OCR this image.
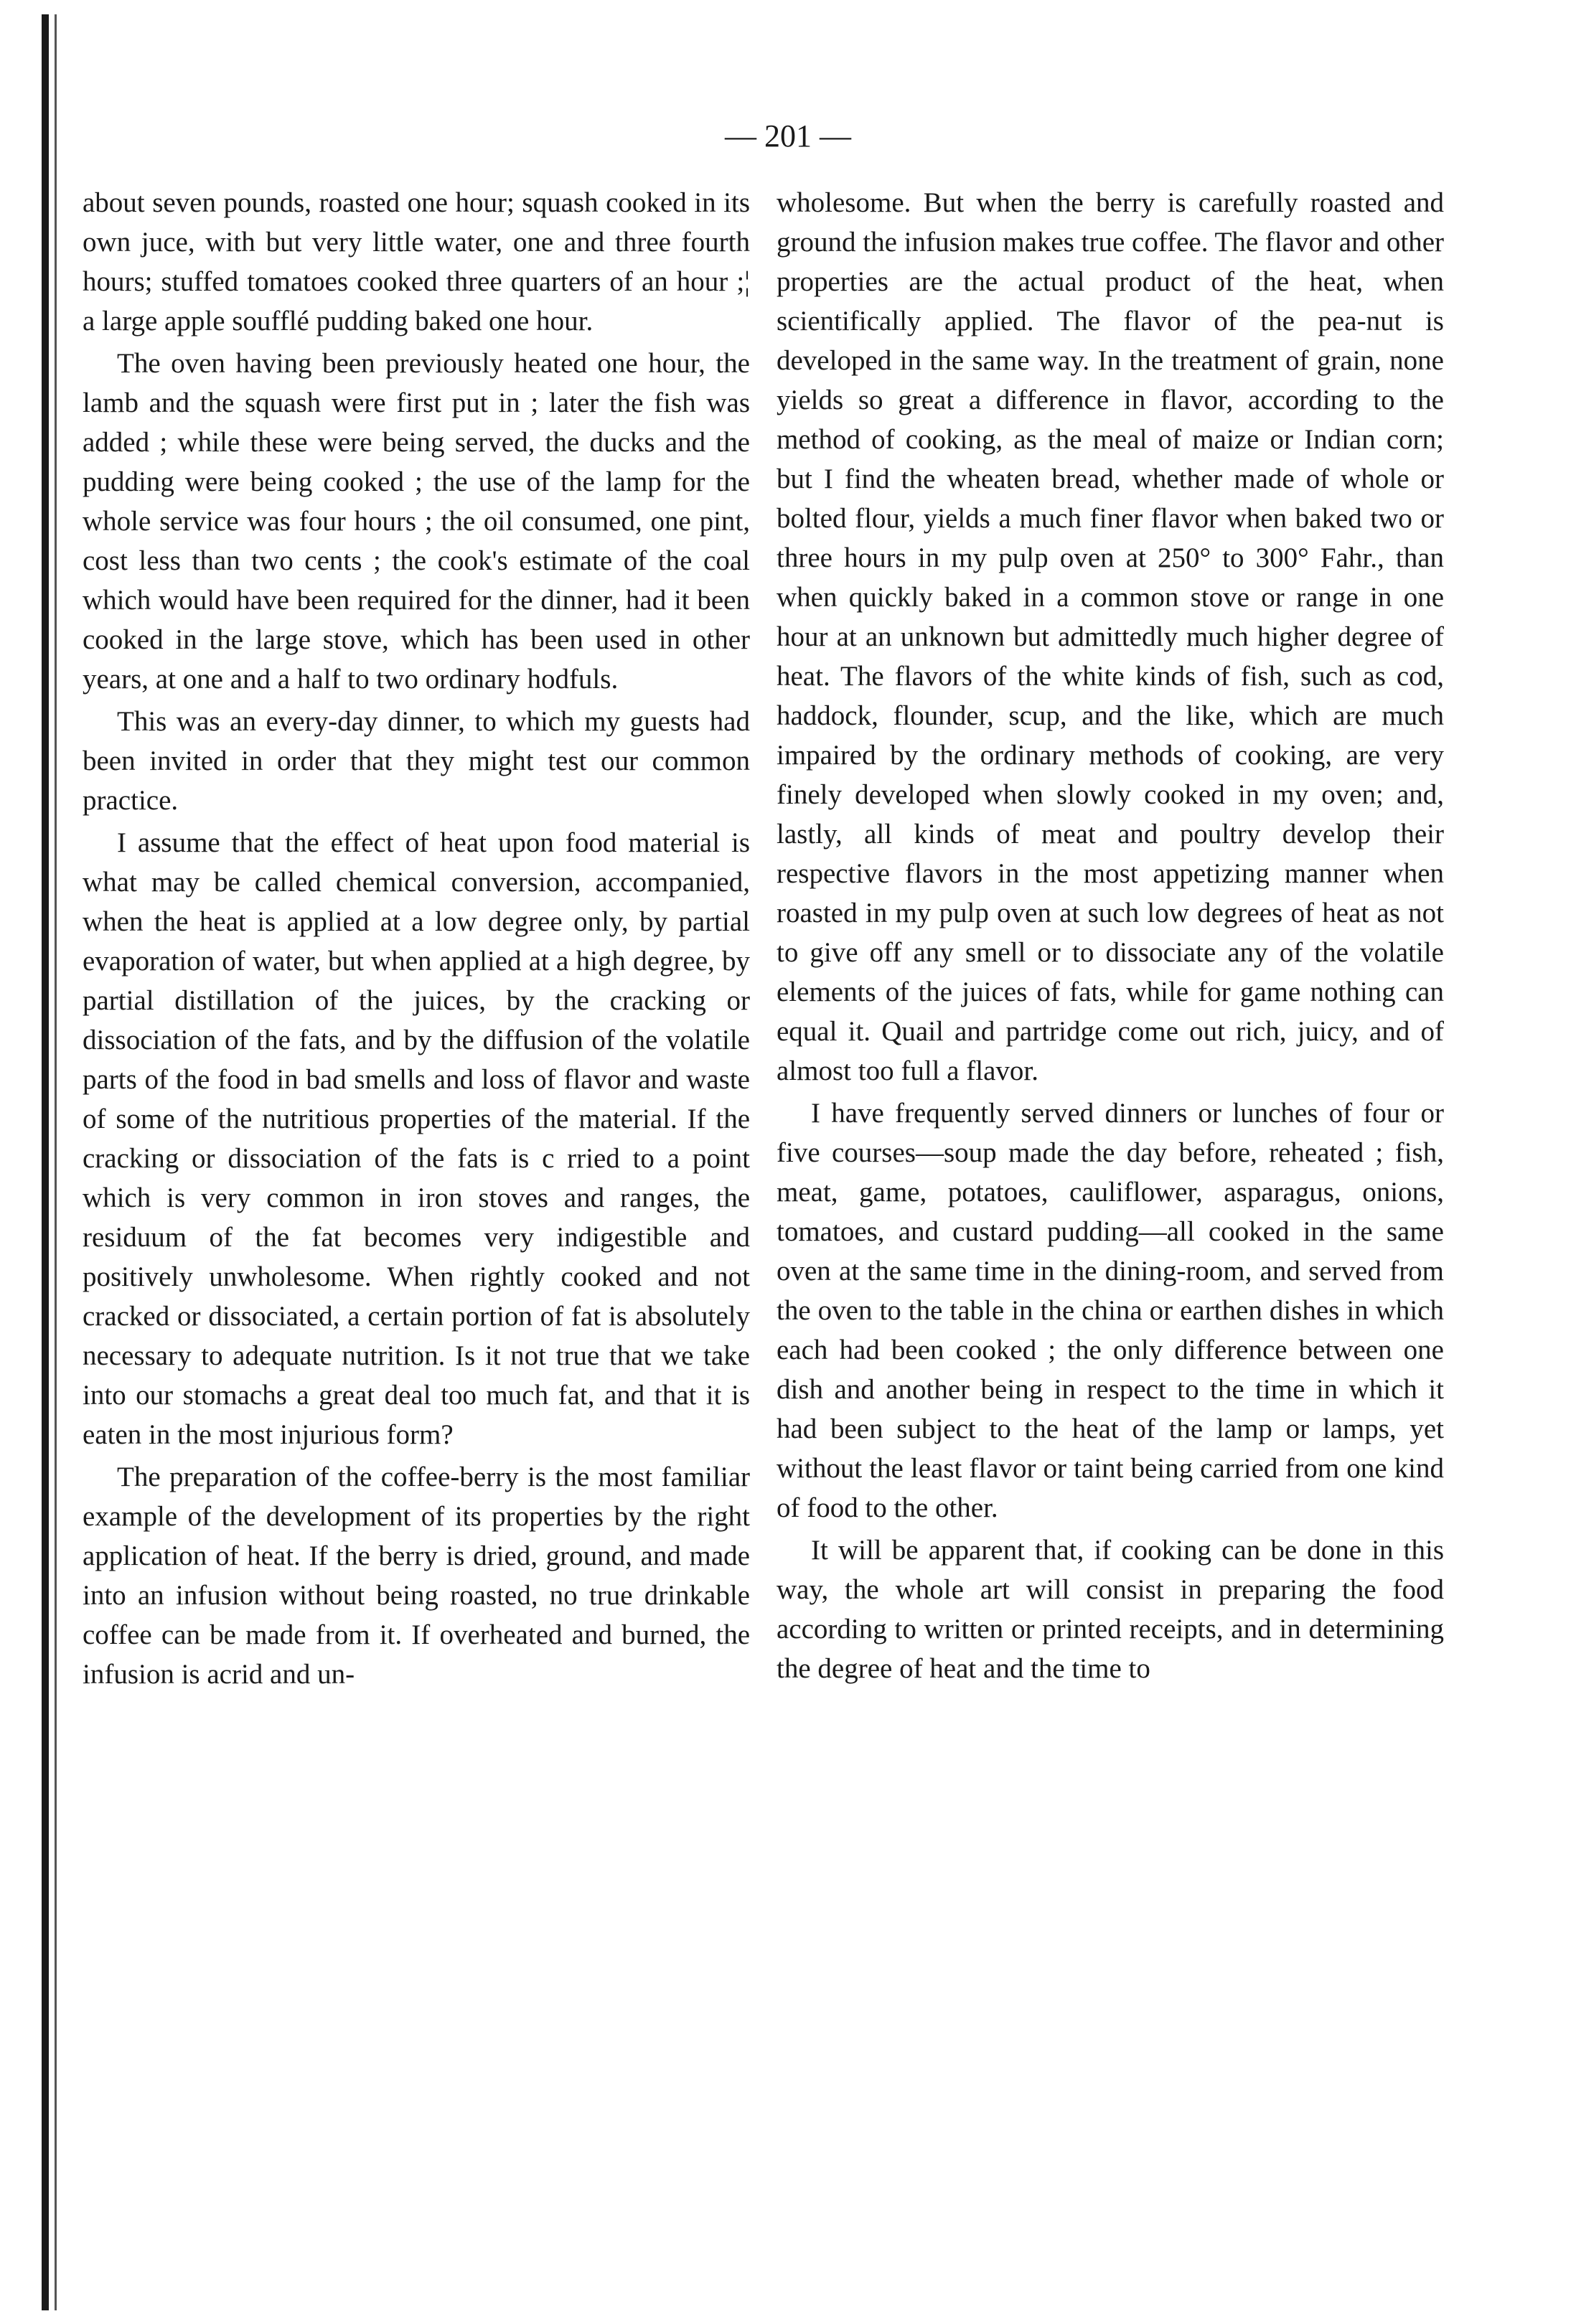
— 201 —

about seven pounds, roasted one hour; squash cooked in its own juce, with but very little water, one and three fourth hours; stuffed tomatoes cooked three quarters of an hour ;¦ a large apple soufflé pudding baked one hour.

The oven having been previously heated one hour, the lamb and the squash were first put in ; later the fish was added ; while these were being served, the ducks and the pudding were being cooked ; the use of the lamp for the whole service was four hours ; the oil consumed, one pint, cost less than two cents ; the cook's estimate of the coal which would have been required for the dinner, had it been cooked in the large stove, which has been used in other years, at one and a half to two ordinary hodfuls.

This was an every-day dinner, to which my guests had been invited in order that they might test our common practice.

I assume that the effect of heat upon food material is what may be called chemical conversion, accompanied, when the heat is applied at a low degree only, by partial evaporation of water, but when applied at a high degree, by partial distillation of the juices, by the cracking or dissociation of the fats, and by the diffusion of the volatile parts of the food in bad smells and loss of flavor and waste of some of the nutritious properties of the material. If the cracking or dissociation of the fats is c rried to a point which is very common in iron stoves and ranges, the residuum of the fat becomes very indigestible and positively unwholesome. When rightly cooked and not cracked or dissociated, a certain portion of fat is absolutely necessary to adequate nutrition. Is it not true that we take into our stomachs a great deal too much fat, and that it is eaten in the most injurious form?

The preparation of the coffee-berry is the most familiar example of the development of its properties by the right application of heat. If the berry is dried, ground, and made into an infusion without being roasted, no true drinkable coffee can be made from it. If overheated and burned, the infusion is acrid and un-

wholesome. But when the berry is carefully roasted and ground the infusion makes true coffee. The flavor and other properties are the actual product of the heat, when scientifically applied. The flavor of the pea-nut is developed in the same way. In the treatment of grain, none yields so great a difference in flavor, according to the method of cooking, as the meal of maize or Indian corn; but I find the wheaten bread, whether made of whole or bolted flour, yields a much finer flavor when baked two or three hours in my pulp oven at 250° to 300° Fahr., than when quickly baked in a common stove or range in one hour at an unknown but admittedly much higher degree of heat. The flavors of the white kinds of fish, such as cod, haddock, flounder, scup, and the like, which are much impaired by the ordinary methods of cooking, are very finely developed when slowly cooked in my oven; and, lastly, all kinds of meat and poultry develop their respective flavors in the most appetizing manner when roasted in my pulp oven at such low degrees of heat as not to give off any smell or to dissociate any of the volatile elements of the juices of fats, while for game nothing can equal it. Quail and partridge come out rich, juicy, and of almost too full a flavor.

I have frequently served dinners or lunches of four or five courses—soup made the day before, reheated ; fish, meat, game, potatoes, cauliflower, asparagus, onions, tomatoes, and custard pudding—all cooked in the same oven at the same time in the dining-room, and served from the oven to the table in the china or earthen dishes in which each had been cooked ; the only difference between one dish and another being in respect to the time in which it had been subject to the heat of the lamp or lamps, yet without the least flavor or taint being carried from one kind of food to the other.

It will be apparent that, if cooking can be done in this way, the whole art will consist in preparing the food according to written or printed receipts, and in determining the degree of heat and the time to
